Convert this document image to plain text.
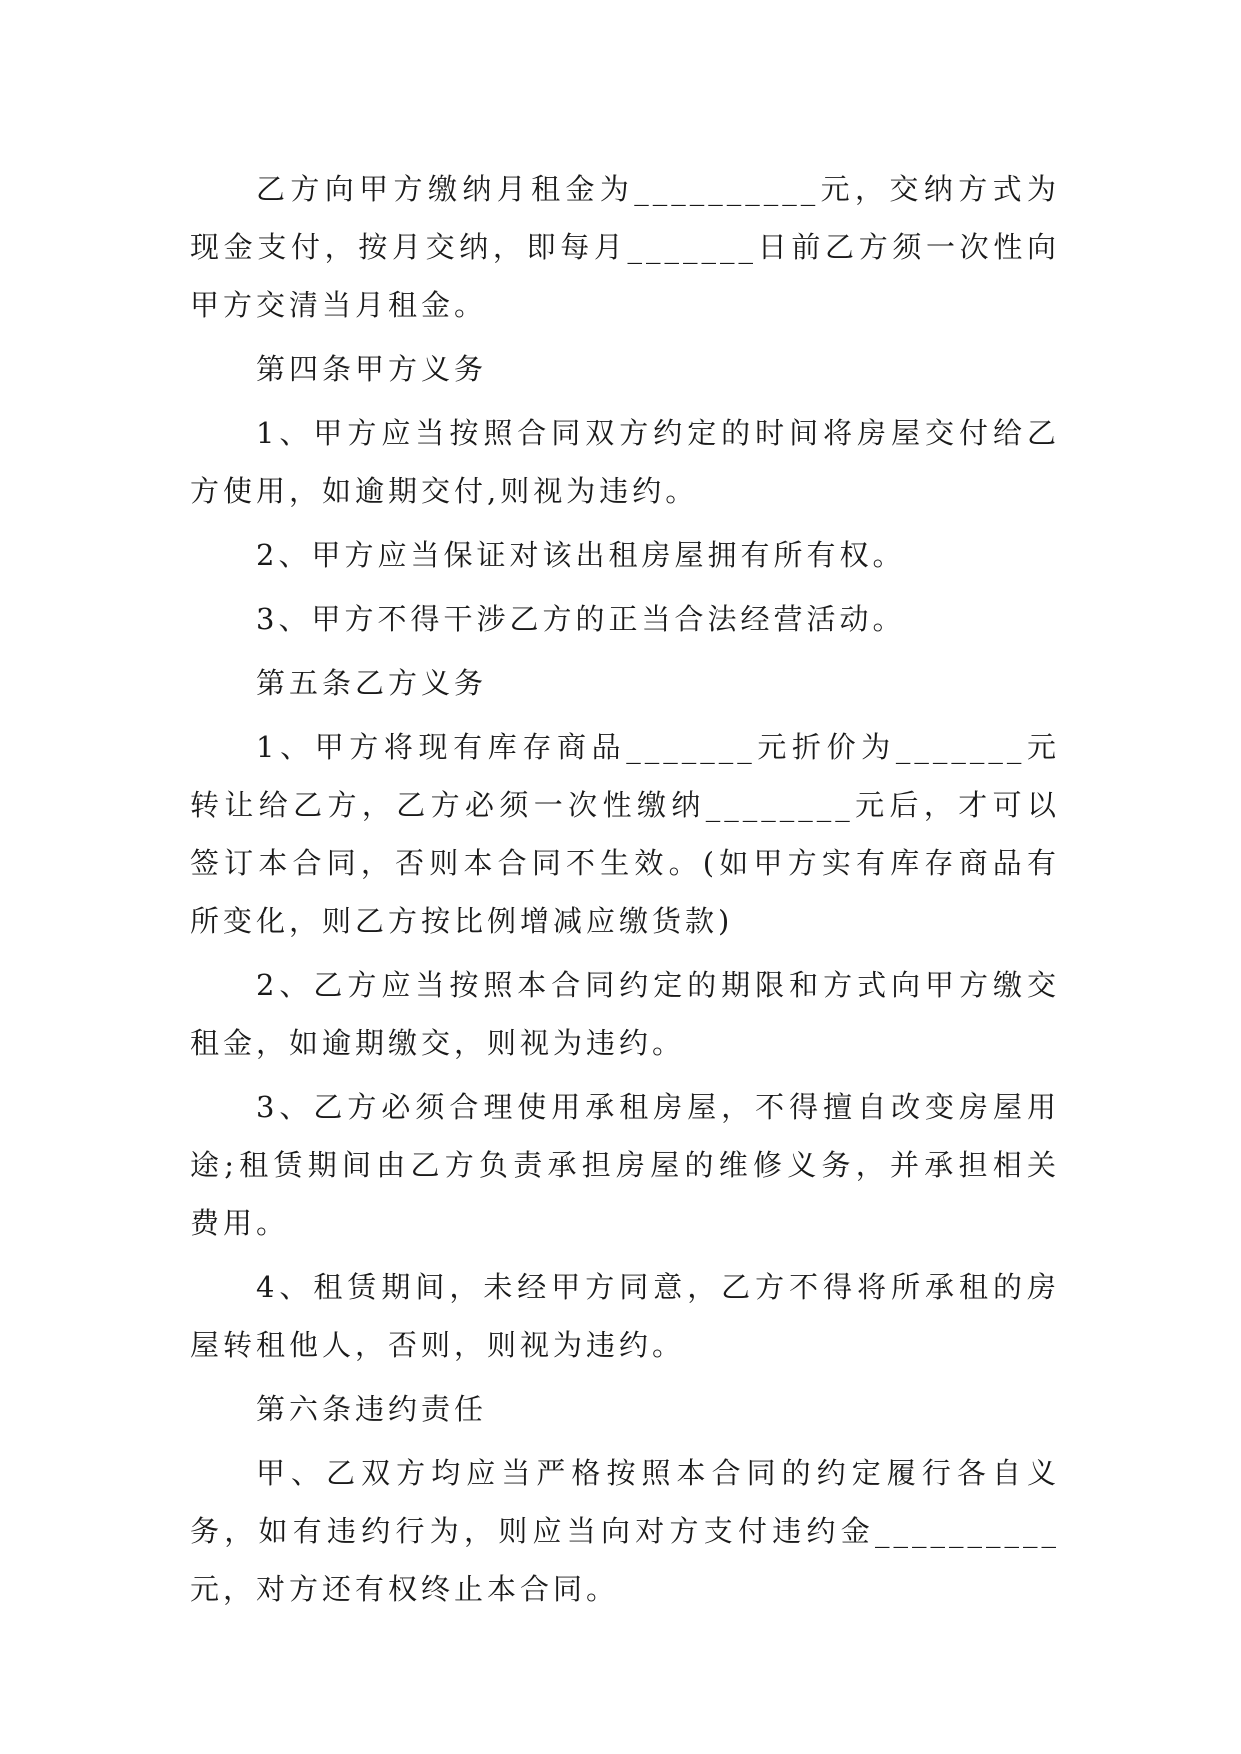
乙方向甲方缴纳月租金为__________元，交纳方式为现金支付，按月交纳，即每月_______日前乙方须一次性向甲方交清当月租金。

第四条甲方义务

1、甲方应当按照合同双方约定的时间将房屋交付给乙方使用，如逾期交付,则视为违约。

2、甲方应当保证对该出租房屋拥有所有权。

3、甲方不得干涉乙方的正当合法经营活动。

第五条乙方义务

1、甲方将现有库存商品_______元折价为_______元转让给乙方，乙方必须一次性缴纳________元后，才可以签订本合同，否则本合同不生效。(如甲方实有库存商品有所变化，则乙方按比例增减应缴货款)

2、乙方应当按照本合同约定的期限和方式向甲方缴交租金，如逾期缴交，则视为违约。

3、乙方必须合理使用承租房屋，不得擅自改变房屋用途;租赁期间由乙方负责承担房屋的维修义务，并承担相关费用。

4、租赁期间，未经甲方同意，乙方不得将所承租的房屋转租他人，否则，则视为违约。

第六条违约责任

甲、乙双方均应当严格按照本合同的约定履行各自义务，如有违约行为，则应当向对方支付违约金__________元，对方还有权终止本合同。
